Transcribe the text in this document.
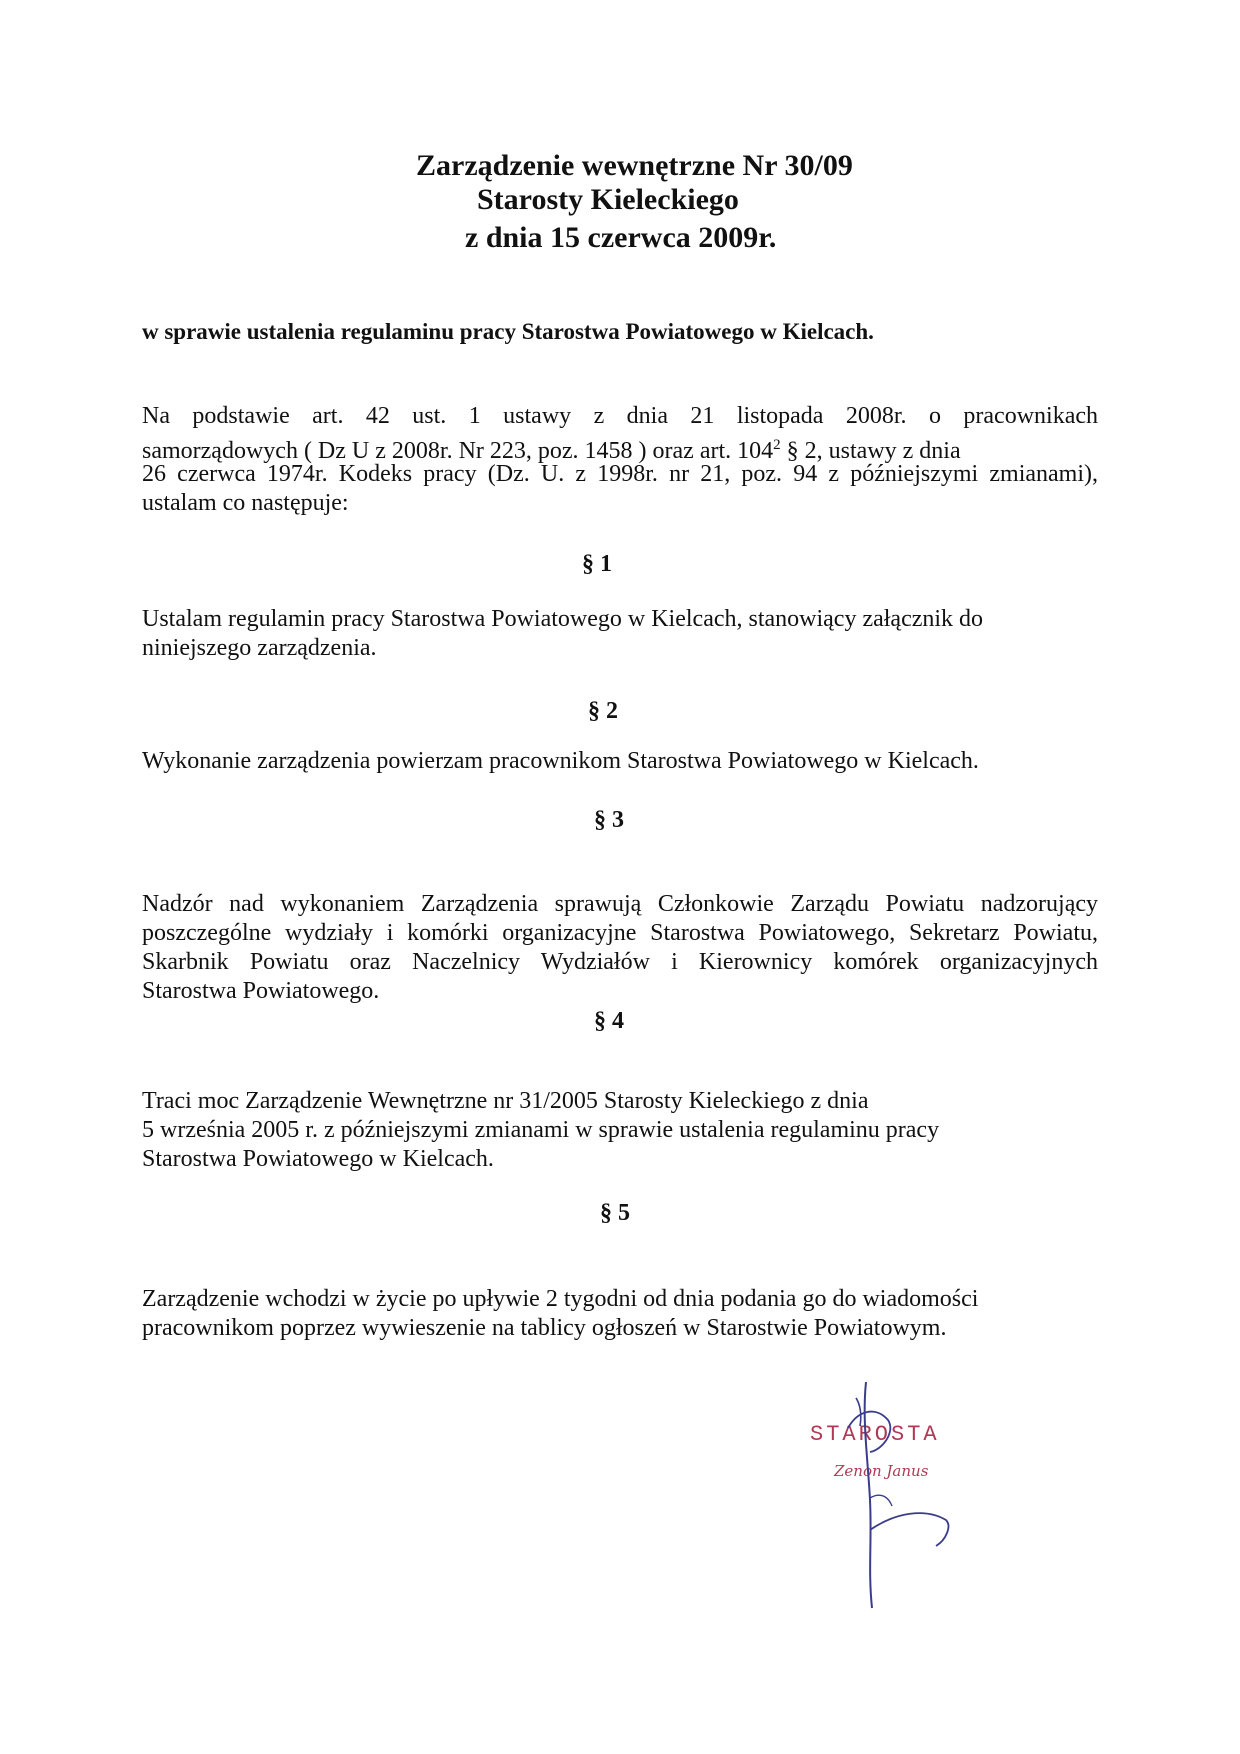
Zarządzenie wewnętrzne Nr 30/09
Starosty Kieleckiego
z dnia 15 czerwca 2009r.
w sprawie ustalenia regulaminu pracy Starostwa Powiatowego w Kielcach.
Na podstawie art. 42 ust. 1 ustawy z dnia 21 listopada 2008r. o pracownikach
samorządowych ( Dz U z 2008r. Nr 223, poz. 1458 ) oraz art. $104^2$ § 2, ustawy z dnia
26 czerwca 1974r. Kodeks pracy (Dz. U. z 1998r. nr 21, poz. 94 z późniejszymi zmianami),
ustalam co następuje:
§ 1
Ustalam regulamin pracy Starostwa Powiatowego w Kielcach, stanowiący załącznik do
niniejszego zarządzenia.
§ 2
Wykonanie zarządzenia powierzam pracownikom Starostwa Powiatowego w Kielcach.
§ 3
Nadzór nad wykonaniem Zarządzenia sprawują Członkowie Zarządu Powiatu nadzorujący
poszczególne wydziały i komórki organizacyjne Starostwa Powiatowego, Sekretarz Powiatu,
Skarbnik Powiatu oraz Naczelnicy Wydziałów i Kierownicy komórek organizacyjnych
Starostwa Powiatowego.
§ 4
Traci moc Zarządzenie Wewnętrzne nr 31/2005 Starosty Kieleckiego z dnia
5 września 2005 r. z późniejszymi zmianami w sprawie ustalenia regulaminu pracy
Starostwa Powiatowego w Kielcach.
§ 5
Zarządzenie wchodzi w życie po upływie 2 tygodni od dnia podania go do wiadomości
pracownikom poprzez wywieszenie na tablicy ogłoszeń w Starostwie Powiatowym.
STAROSTA
Zenon Janus
